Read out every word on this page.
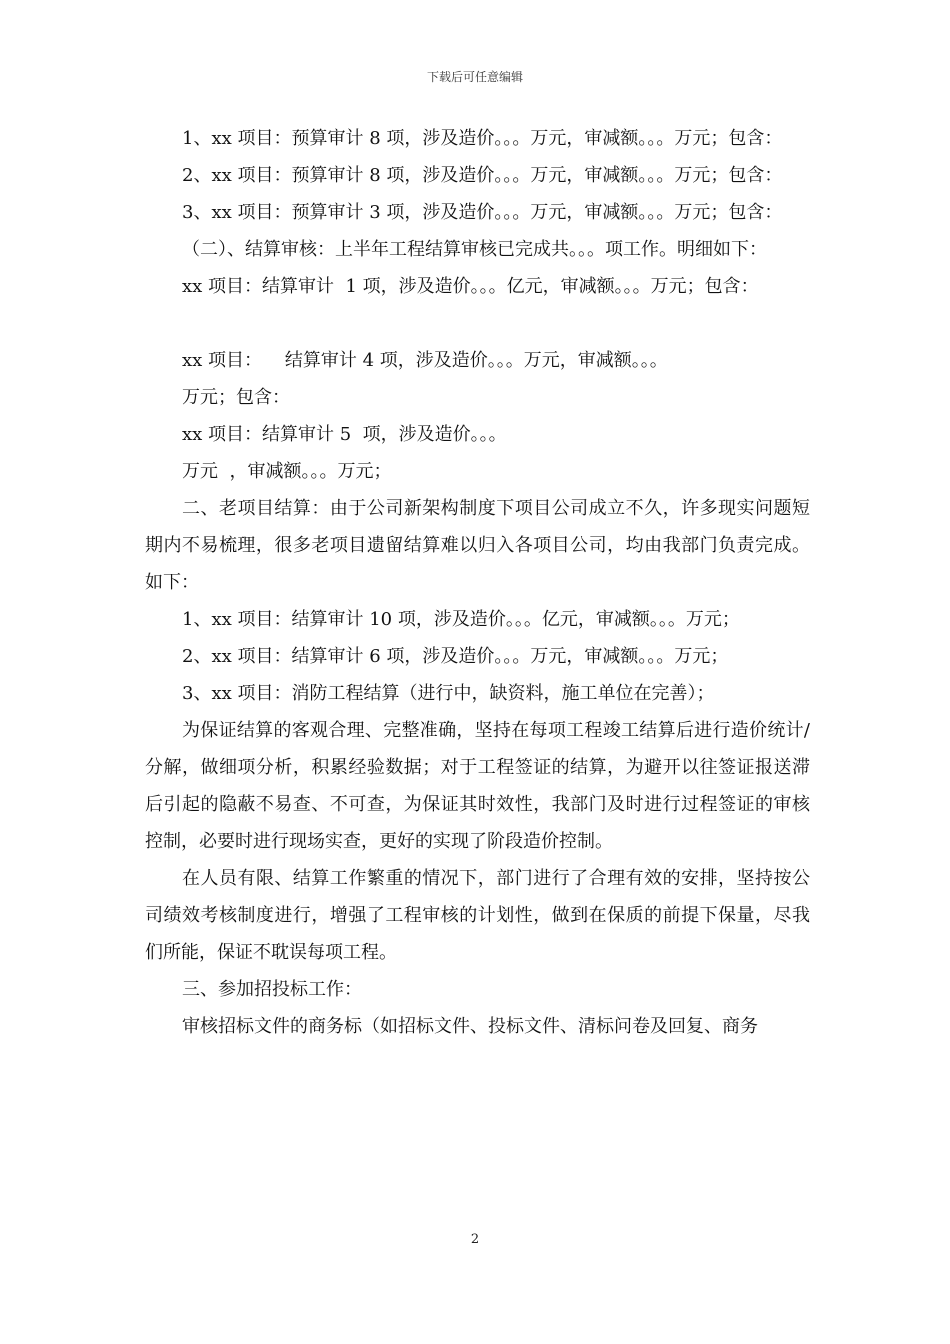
下载后可任意编辑

1、xx 项目：预算审计 8 项，涉及造价。。。万元，审减额。。。万元；包含：

2、xx 项目：预算审计 8 项，涉及造价。。。万元，审减额。。。万元；包含：

3、xx 项目：预算审计 3 项，涉及造价。。。万元，审减额。。。万元；包含：

（二）、结算审核：上半年工程结算审核已完成共。。。项工作。明细如下：

xx 项目：结算审计  1 项，涉及造价。。。亿元，审减额。。。万元；包含：

xx 项目：    结算审计 4 项，涉及造价。。。万元，审减额。。。

万元；包含：

xx 项目：结算审计 5  项，涉及造价。。。

万元  ，审减额。。。万元；

二、老项目结算：由于公司新架构制度下项目公司成立不久，许多现实问题短期内不易梳理，很多老项目遗留结算难以归入各项目公司，均由我部门负责完成。如下：

1、xx 项目：结算审计 10 项，涉及造价。。。亿元，审减额。。。万元；

2、xx 项目：结算审计 6 项，涉及造价。。。万元，审减额。。。万元；

3、xx 项目：消防工程结算（进行中，缺资料，施工单位在完善）；

为保证结算的客观合理、完整准确，坚持在每项工程竣工结算后进行造价统计/分解，做细项分析，积累经验数据；对于工程签证的结算，为避开以往签证报送滞后引起的隐蔽不易查、不可查，为保证其时效性，我部门及时进行过程签证的审核控制，必要时进行现场实查，更好的实现了阶段造价控制。

在人员有限、结算工作繁重的情况下，部门进行了合理有效的安排，坚持按公司绩效考核制度进行，增强了工程审核的计划性，做到在保质的前提下保量，尽我们所能，保证不耽误每项工程。

三、参加招投标工作：

审核招标文件的商务标（如招标文件、投标文件、清标问卷及回复、商务

2
